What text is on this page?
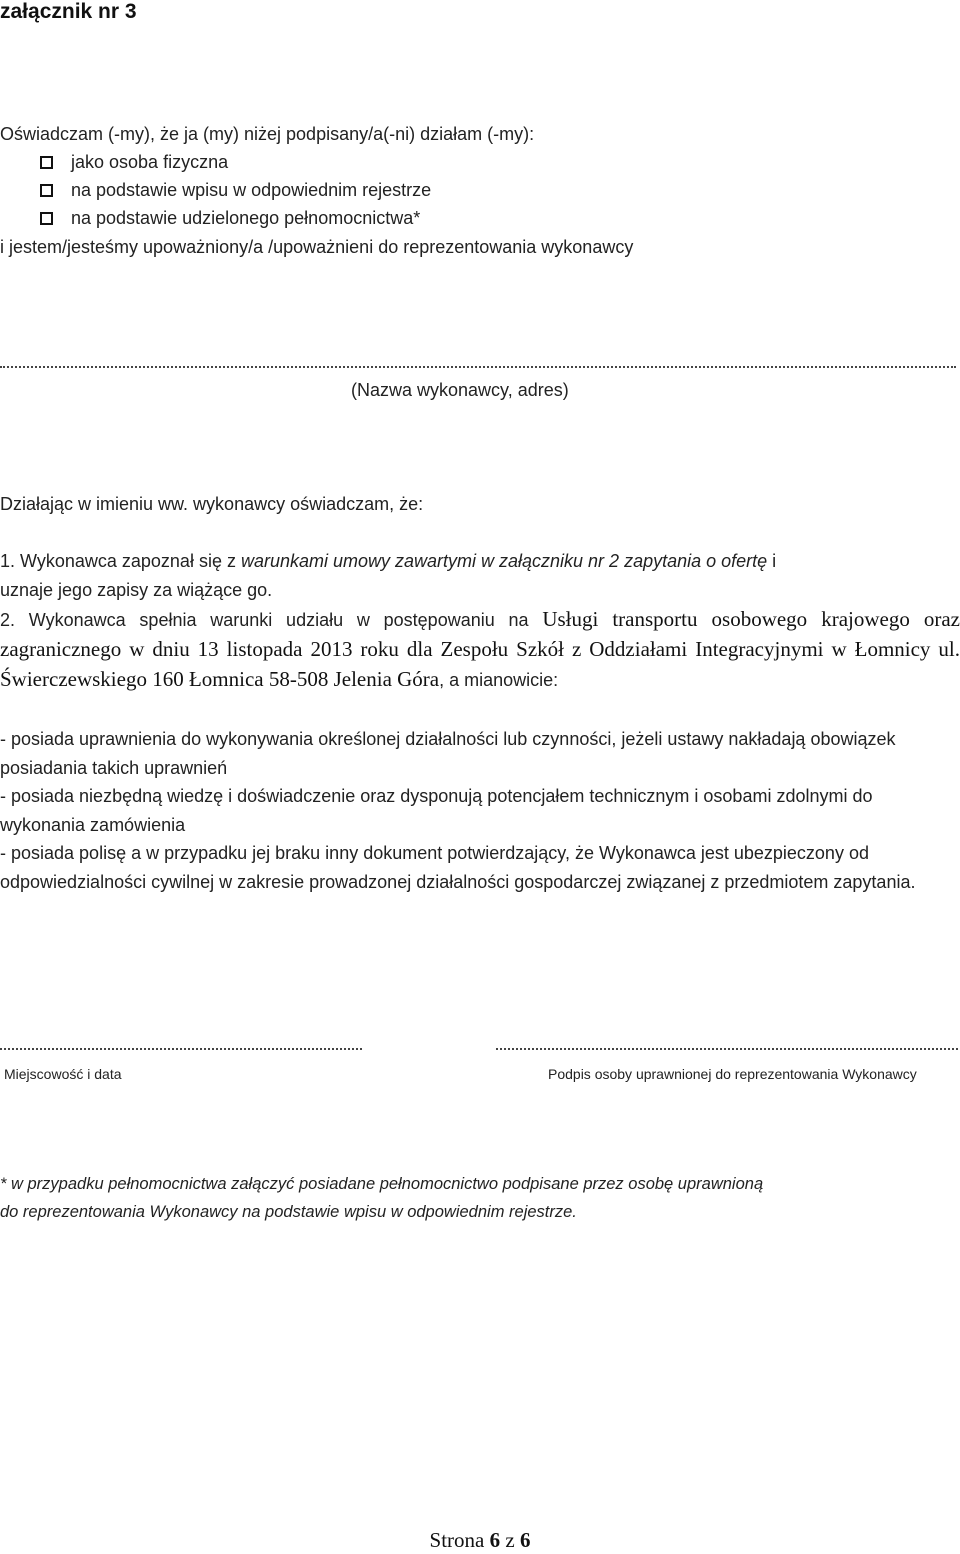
załącznik nr 3
Oświadczam (-my), że ja (my) niżej podpisany/a(-ni) działam (-my):
jako osoba fizyczna
na podstawie wpisu w odpowiednim rejestrze
na podstawie udzielonego pełnomocnictwa*
i jestem/jesteśmy upoważniony/a /upoważnieni do reprezentowania wykonawcy
(Nazwa wykonawcy, adres)
Działając w imieniu ww. wykonawcy oświadczam, że:
1. Wykonawca zapoznał się z warunkami umowy zawartymi w załączniku nr 2 zapytania o ofertę i
uznaje jego zapisy za wiążące go.
2. Wykonawca spełnia warunki udziału w postępowaniu na Usługi transportu osobowego krajowego oraz zagranicznego w dniu 13 listopada 2013 roku dla Zespołu Szkół z Oddziałami Integracyjnymi w Łomnicy ul. Świerczewskiego 160 Łomnica 58-508 Jelenia Góra, a mianowicie:

- posiada uprawnienia do wykonywania określonej działalności lub czynności, jeżeli ustawy nakładają obowiązek posiadania takich uprawnień

- posiada niezbędną wiedzę i doświadczenie oraz dysponują potencjałem technicznym i osobami zdolnymi do wykonania zamówienia

- posiada polisę a w przypadku jej braku inny dokument potwierdzający, że Wykonawca jest ubezpieczony od odpowiedzialności cywilnej w zakresie prowadzonej działalności gospodarczej związanej z przedmiotem zapytania.

Miejscowość i data	Podpis osoby uprawnionej do reprezentowania Wykonawcy

* w przypadku pełnomocnictwa załączyć posiadane pełnomocnictwo podpisane przez osobę uprawnioną

do reprezentowania Wykonawcy na podstawie wpisu w odpowiednim rejestrze.

Strona 6 z 6
